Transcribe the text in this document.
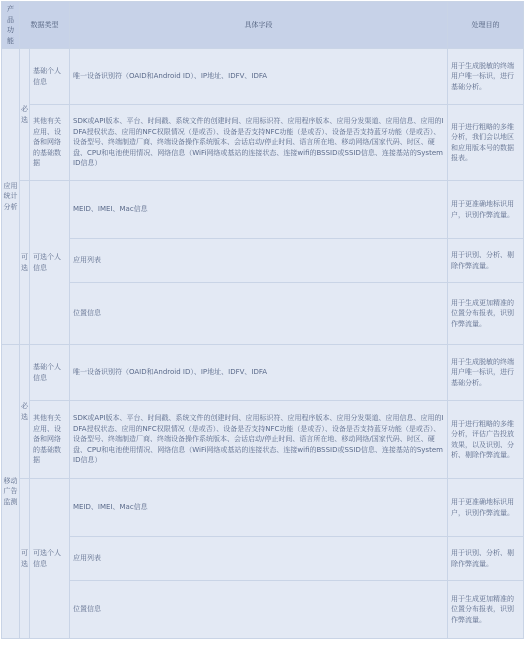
产品功能	数据类型		具体字段	处理目的
应用统计分析	必选	基础个人信息	唯一设备识别符（OAID和Android ID）、IP地址、IDFV、IDFA	用于生成脱敏的终端用户唯一标识，进行基础分析。
		其他有关应用、设备和网络的基础数据	SDK或API版本、平台、时间戳、系统文件的创建时间、应用标识符、应用程序版本、应用分发渠道、应用信息、应用的IDFA授权状态、应用的NFC权限情况（是或否）、设备是否支持NFC功能（是或否）、设备是否支持蓝牙功能（是或否）、设备型号、终端制造厂商、终端设备操作系统版本、会话启动/停止时间、语言所在地、移动网络/国家代码、时区、硬盘、CPU和电池使用情况、网络信息（WiFi网络或基站的连接状态、连接wifi的BSSID或SSID信息、连接基站的SystemID信息）	用于进行粗略的多维分析，我们会以地区和应用版本号的数据报表。
	可选	可选个人信息	MEID、IMEI、Mac信息	用于更准确地标识用户，识别作弊流量。
			应用列表	用于识别、分析、剔除作弊流量。
			位置信息	用于生成更加精准的位置分布报表，识别作弊流量。
移动广告监测	必选	基础个人信息	唯一设备识别符（OAID和Android ID）、IP地址、IDFV、IDFA	用于生成脱敏的终端用户唯一标识，进行基础分析。
		其他有关应用、设备和网络的基础数据	SDK或API版本、平台、时间戳、系统文件的创建时间、应用标识符、应用程序版本、应用分发渠道、应用信息、应用的IDFA授权状态、应用的NFC权限情况（是或否）、设备是否支持NFC功能（是或否）、设备是否支持蓝牙功能（是或否）、设备型号、终端制造厂商、终端设备操作系统版本、会话启动/停止时间、语言所在地、移动网络/国家代码、时区、硬盘、CPU和电池使用情况、网络信息（WiFi网络或基站的连接状态、连接wifi的BSSID或SSID信息、连接基站的SystemID信息）	用于进行粗略的多维分析，评估广告投放效果，以及识别、分析、剔除作弊流量。
	可选	可选个人信息	MEID、IMEI、Mac信息	用于更准确地标识用户，识别作弊流量。
			应用列表	用于识别、分析、剔除作弊流量。
			位置信息	用于生成更加精准的位置分布报表，识别作弊流量。
